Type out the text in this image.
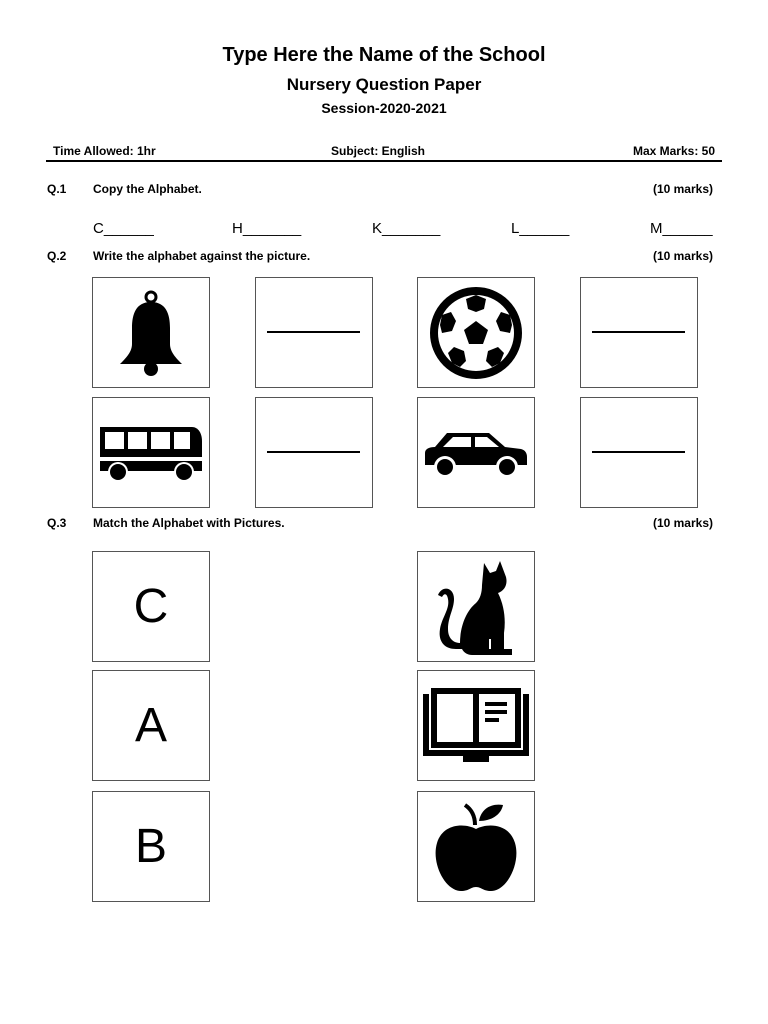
Type Here the Name of the School
Nursery Question Paper
Session-2020-2021
Time Allowed: 1hr	Subject: English	Max Marks: 50
Q.1 Copy the Alphabet.	(10 marks)
C______	H_______	K_______	L______	M______
Q.2 Write the alphabet against the picture.	(10 marks)
Q.3 Match the Alphabet with Pictures.	(10 marks)
C
A
B
